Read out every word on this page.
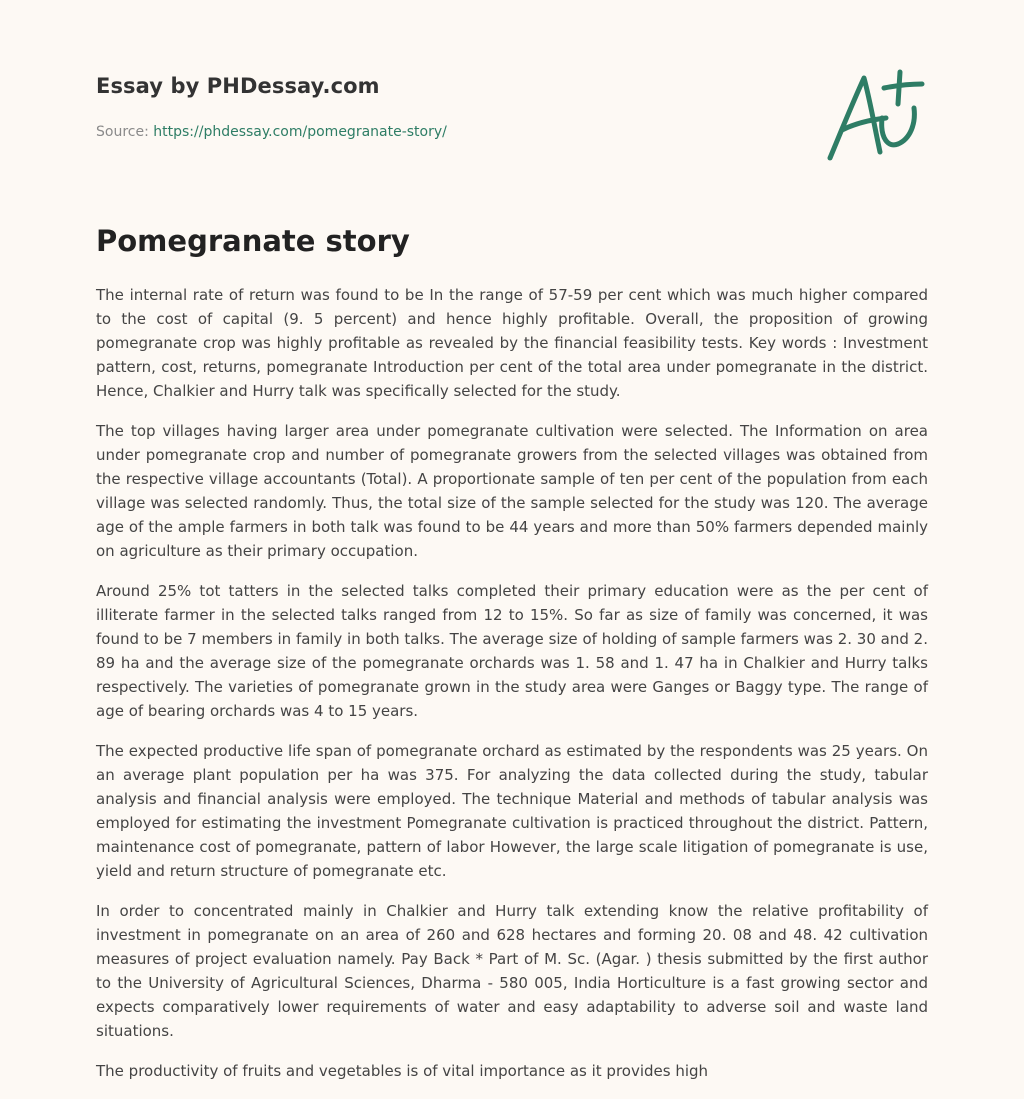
Essay by PHDessay.com
Source: https://phdessay.com/pomegranate-story/
Pomegranate story

The internal rate of return was found to be In the range of 57-59 per cent which was much higher compared to the cost of capital (9. 5 percent) and hence highly profitable. Overall, the proposition of growing pomegranate crop was highly profitable as revealed by the financial feasibility tests. Key words : Investment pattern, cost, returns, pomegranate Introduction per cent of the total area under pomegranate in the district. Hence, Chalkier and Hurry talk was specifically selected for the study.

The top villages having larger area under pomegranate cultivation were selected. The Information on area under pomegranate crop and number of pomegranate growers from the selected villages was obtained from the respective village accountants (Total). A proportionate sample of ten per cent of the population from each village was selected randomly. Thus, the total size of the sample selected for the study was 120. The average age of the ample farmers in both talk was found to be 44 years and more than 50% farmers depended mainly on agriculture as their primary occupation.

Around 25% tot tatters in the selected talks completed their primary education were as the per cent of illiterate farmer in the selected talks ranged from 12 to 15%. So far as size of family was concerned, it was found to be 7 members in family in both talks. The average size of holding of sample farmers was 2. 30 and 2. 89 ha and the average size of the pomegranate orchards was 1. 58 and 1. 47 ha in Chalkier and Hurry talks respectively. The varieties of pomegranate grown in the study area were Ganges or Baggy type. The range of age of bearing orchards was 4 to 15 years.

The expected productive life span of pomegranate orchard as estimated by the respondents was 25 years. On an average plant population per ha was 375. For analyzing the data collected during the study, tabular analysis and financial analysis were employed. The technique Material and methods of tabular analysis was employed for estimating the investment Pomegranate cultivation is practiced throughout the district. Pattern, maintenance cost of pomegranate, pattern of labor However, the large scale litigation of pomegranate is use, yield and return structure of pomegranate etc.

In order to concentrated mainly in Chalkier and Hurry talk extending know the relative profitability of investment in pomegranate on an area of 260 and 628 hectares and forming 20. 08 and 48. 42 cultivation measures of project evaluation namely. Pay Back * Part of M. Sc. (Agar. ) thesis submitted by the first author to the University of Agricultural Sciences, Dharma - 580 005, India Horticulture is a fast growing sector and expects comparatively lower requirements of water and easy adaptability to adverse soil and waste land situations.

The productivity of fruits and vegetables is of vital importance as it provides high
